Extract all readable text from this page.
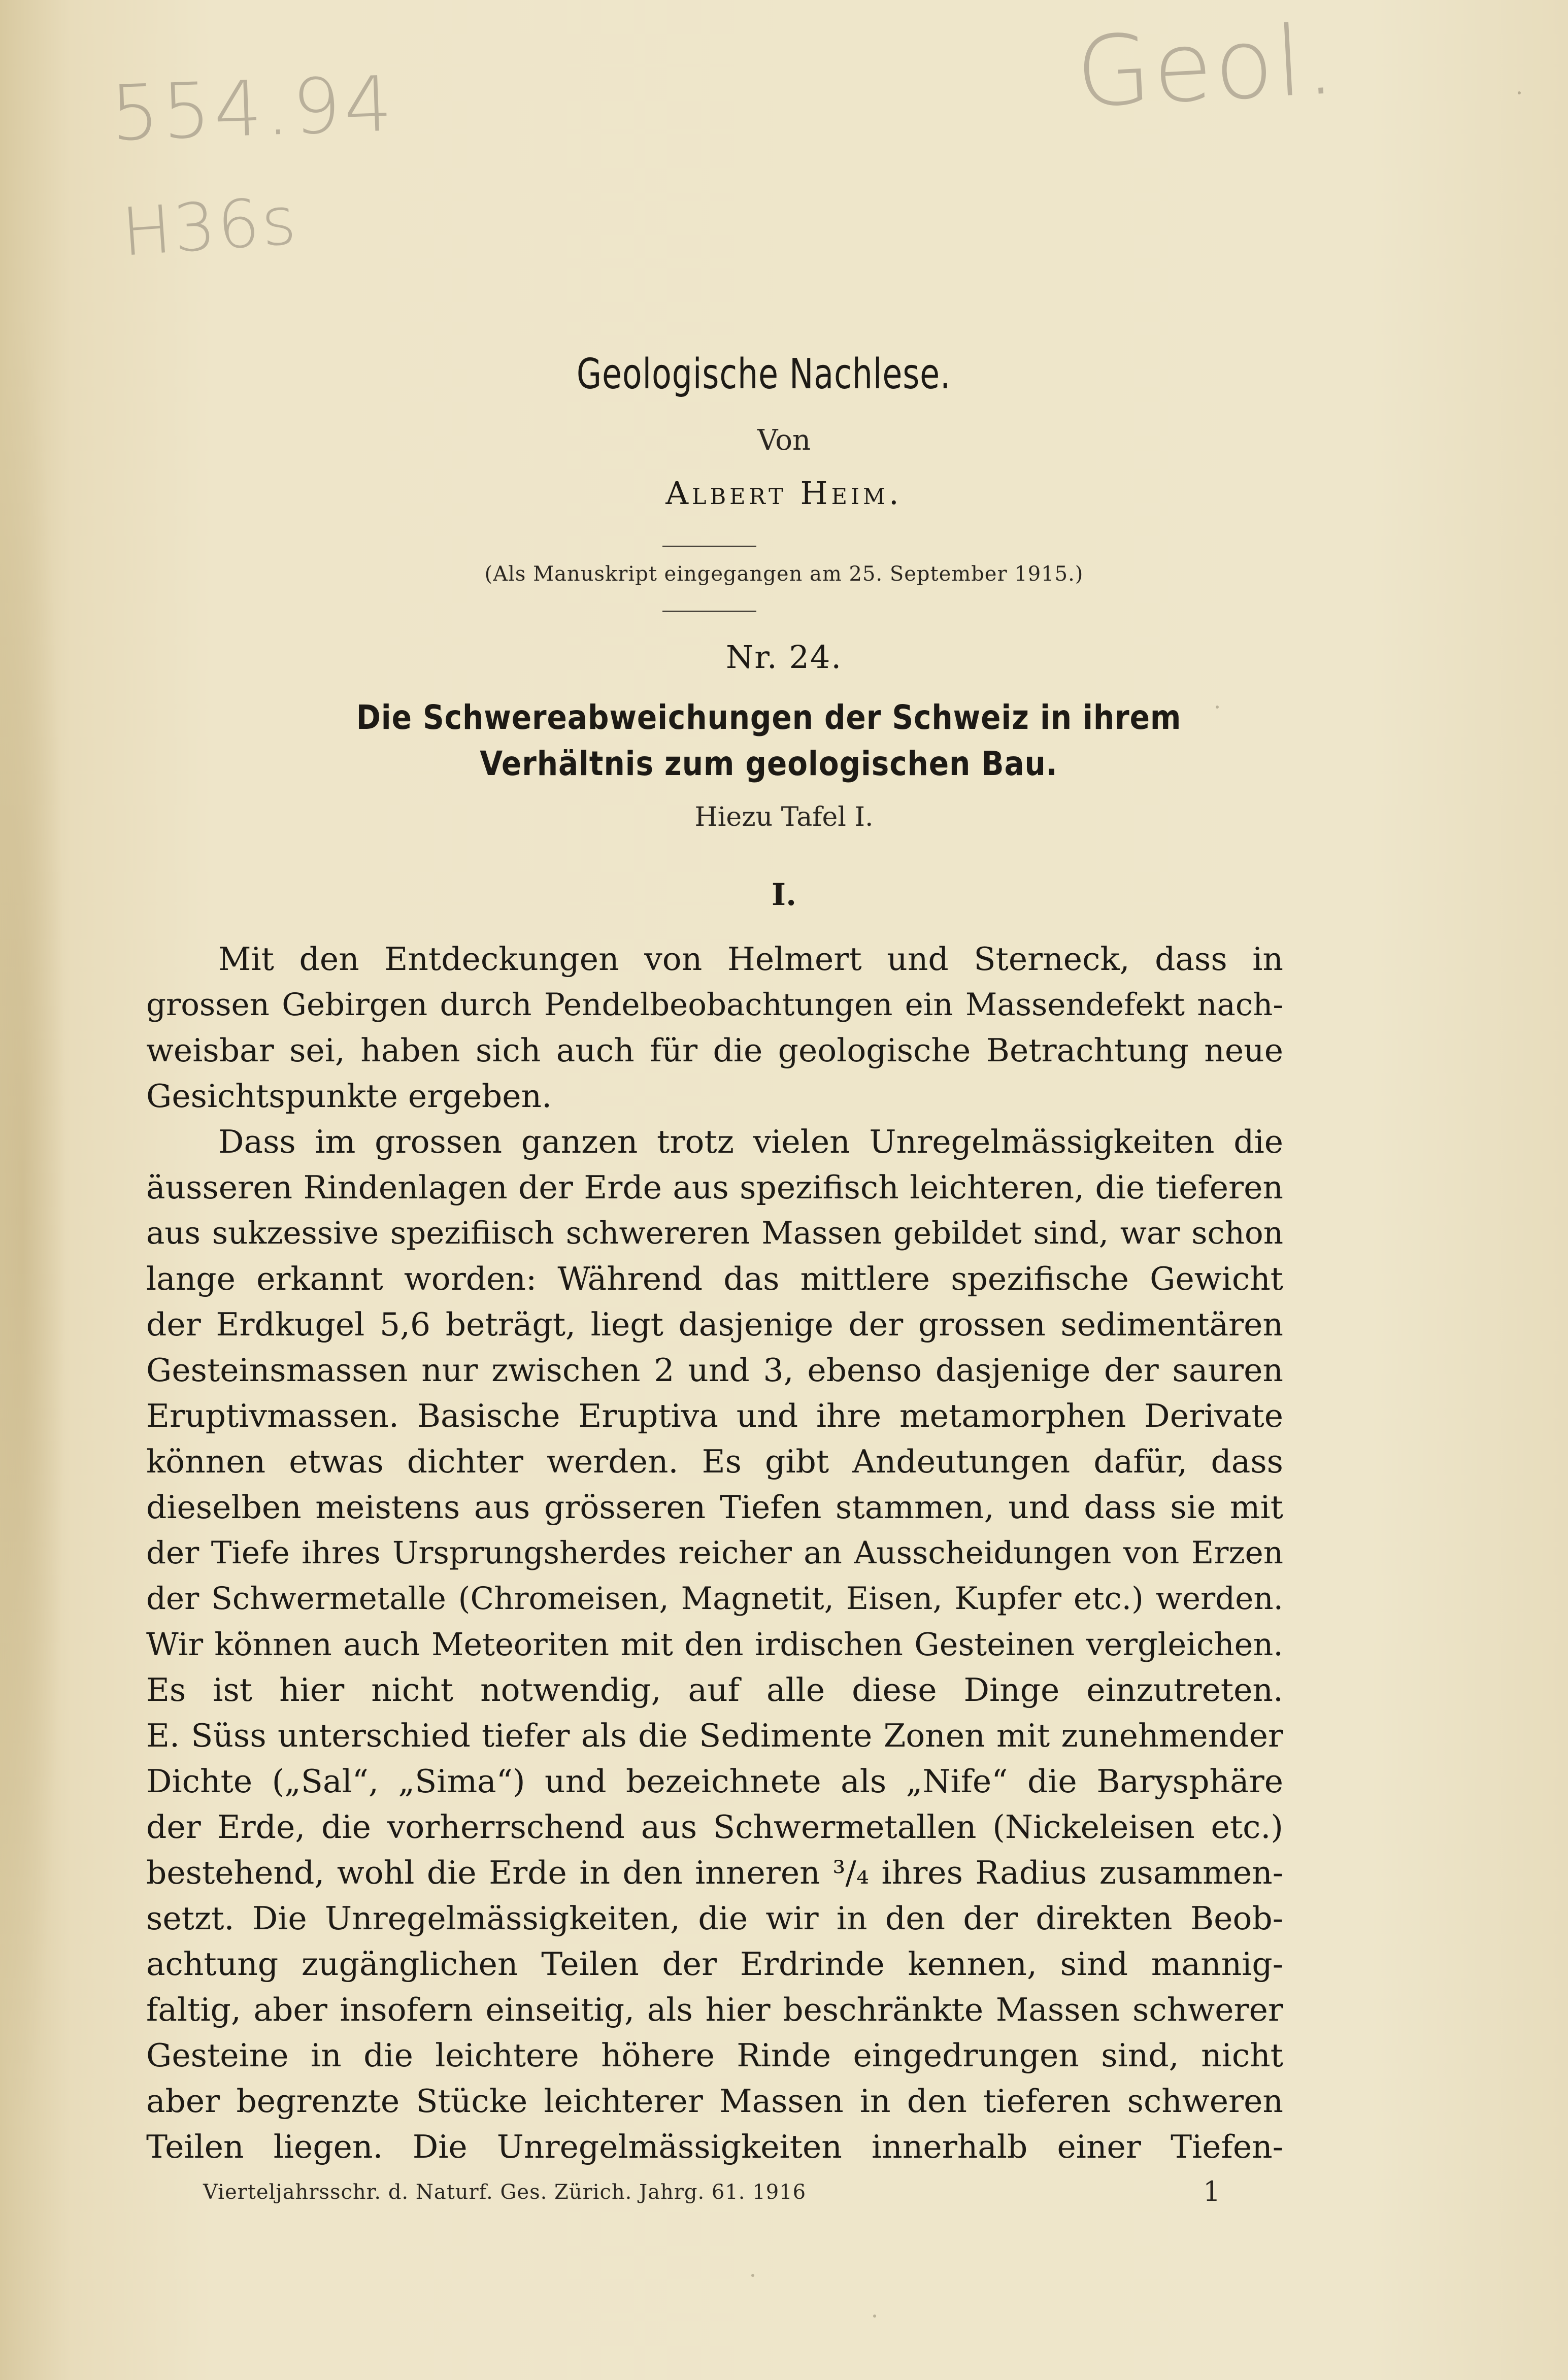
554.94
H36s
Geol.
Geologische Nachlese.
Von
Albert Heim.
(Als Manuskript eingegangen am 25. September 1915.)
Nr. 24.
Die Schwereabweichungen der Schweiz in ihrem
Verhältnis zum geologischen Bau.
Hiezu Tafel I.
I.
Mit den Entdeckungen von Helmert und Sterneck, dass in
grossen Gebirgen durch Pendelbeobachtungen ein Massendefekt nach-
weisbar sei, haben sich auch für die geologische Betrachtung neue
Gesichtspunkte ergeben.
Dass im grossen ganzen trotz vielen Unregelmässigkeiten die
äusseren Rindenlagen der Erde aus spezifisch leichteren, die tieferen
aus sukzessive spezifiisch schwereren Massen gebildet sind, war schon
lange erkannt worden: Während das mittlere spezifische Gewicht
der Erdkugel 5,6 beträgt, liegt dasjenige der grossen sedimentären
Gesteinsmassen nur zwischen 2 und 3, ebenso dasjenige der sauren
Eruptivmassen. Basische Eruptiva und ihre metamorphen Derivate
können etwas dichter werden. Es gibt Andeutungen dafür, dass
dieselben meistens aus grösseren Tiefen stammen, und dass sie mit
der Tiefe ihres Ursprungsherdes reicher an Ausscheidungen von Erzen
der Schwermetalle (Chromeisen, Magnetit, Eisen, Kupfer etc.) werden.
Wir können auch Meteoriten mit den irdischen Gesteinen vergleichen.
Es ist hier nicht notwendig, auf alle diese Dinge einzutreten.
E. Süss unterschied tiefer als die Sedimente Zonen mit zunehmender
Dichte („Sal“, „Sima“) und bezeichnete als „Nife“ die Barysphäre
der Erde, die vorherrschend aus Schwermetallen (Nickeleisen etc.)
bestehend, wohl die Erde in den inneren ³/₄ ihres Radius zusammen-
setzt. Die Unregelmässigkeiten, die wir in den der direkten Beob-
achtung zugänglichen Teilen der Erdrinde kennen, sind mannig-
faltig, aber insofern einseitig, als hier beschränkte Massen schwerer
Gesteine in die leichtere höhere Rinde eingedrungen sind, nicht
aber begrenzte Stücke leichterer Massen in den tieferen schweren
Teilen liegen. Die Unregelmässigkeiten innerhalb einer Tiefen-
Vierteljahrsschr. d. Naturf. Ges. Zürich. Jahrg. 61. 1916	1
